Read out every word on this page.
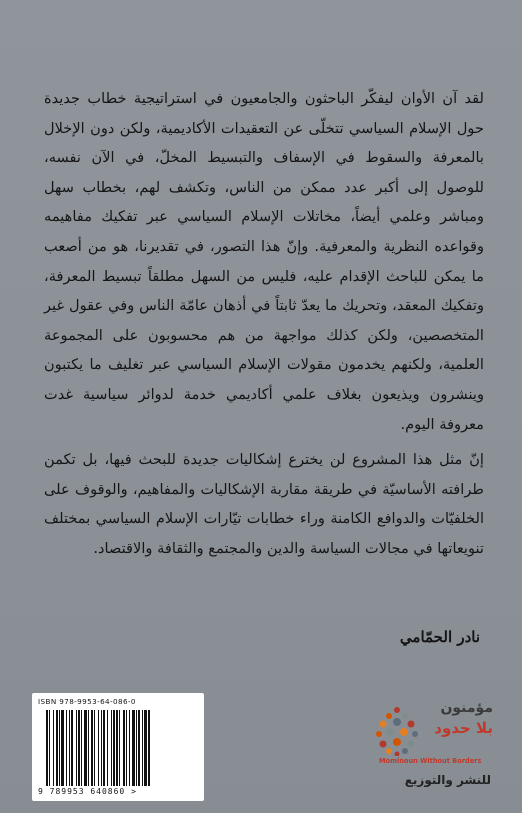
لقد آن الأوان ليفكّر الباحثون والجامعيون في استراتيجية خطاب جديدة حول الإسلام السياسي تتخلّى عن التعقيدات الأكاديمية، ولكن دون الإخلال بالمعرفة والسقوط في الإسفاف والتبسيط المخلّ، في الآن نفسه، للوصول إلى أكبر عدد ممكن من الناس، وتكشف لهم، بخطاب سهل ومباشر وعلمي أيضاً، مخاتلات الإسلام السياسي عبر تفكيك مفاهيمه وقواعده النظرية والمعرفية. وإنّ هذا التصور، في تقديرنا، هو من أصعب ما يمكن للباحث الإقدام عليه، فليس من السهل مطلقاً تبسيط المعرفة، وتفكيك المعقد، وتحريك ما يعدّ ثابتاً في أذهان عامّة الناس وفي عقول غير المتخصصين، ولكن كذلك مواجهة من هم محسوبون على المجموعة العلمية، ولكنهم يخدمون مقولات الإسلام السياسي عبر تغليف ما يكتبون وينشرون ويذيعون بغلاف علمي أكاديمي خدمة لدوائر سياسية غدت معروفة اليوم.

إنّ مثل هذا المشروع لن يخترع إشكاليات جديدة للبحث فيها، بل تكمن طرافته الأساسيّة في طريقة مقاربة الإشكاليات والمفاهيم، والوقوف على الخلفيّات والدوافع الكامنة وراء خطابات تيّارات الإسلام السياسي بمختلف تنويعاتها في مجالات السياسة والدين والمجتمع والثقافة والاقتصاد.

نادر الحمّامي
ISBN 978-9953-64-086-0
9 789953 640860 >
مؤمنون
بلا حدود
Mominoun Without Borders
للنشر والتوزيع
